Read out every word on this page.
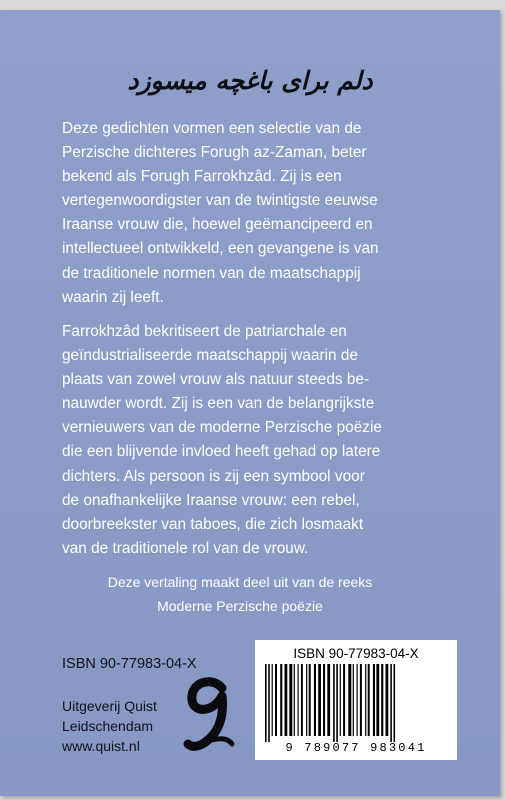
دلم برای باغچه میسوزد
Deze gedichten vormen een selectie van de
Perzische dichteres Forugh az-Zaman, beter
bekend als Forugh Farrokhzâd. Zij is een
vertegenwoordigster van de twintigste eeuwse
Iraanse vrouw die, hoewel geëmancipeerd en
intellectueel ontwikkeld, een gevangene is van
de traditionele normen van de maatschappij
waarin zij leeft.
Farrokhzâd bekritiseert de patriarchale en
geïndustrialiseerde maatschappij waarin de
plaats van zowel vrouw als natuur steeds be-
nauwder wordt. Zij is een van de belangrijkste
vernieuwers van de moderne Perzische poëzie
die een blijvende invloed heeft gehad op latere
dichters. Als persoon is zij een symbool voor
de onafhankelijke Iraanse vrouw: een rebel,
doorbreekster van taboes, die zich losmaakt
van de traditionele rol van de vrouw.
Deze vertaling maakt deel uit van de reeks
Moderne Perzische poëzie
ISBN 90-77983-04-X
Uitgeverij Quist
Leidschendam
www.quist.nl
ISBN 90-77983-04-X
9 789077 983041
